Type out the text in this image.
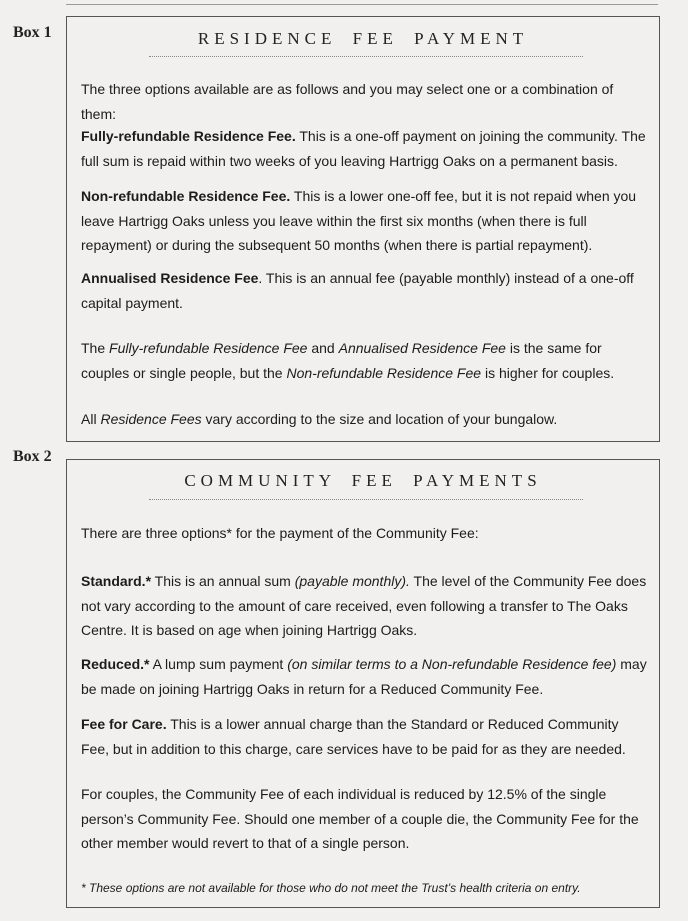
Box 1	RESIDENCE FEE PAYMENT

The three options available are as follows and you may select one or a combination of them:

Fully-refundable Residence Fee. This is a one-off payment on joining the community. The full sum is repaid within two weeks of you leaving Hartrigg Oaks on a permanent basis.

Non-refundable Residence Fee. This is a lower one-off fee, but it is not repaid when you leave Hartrigg Oaks unless you leave within the first six months (when there is full repayment) or during the subsequent 50 months (when there is partial repayment).

Annualised Residence Fee. This is an annual fee (payable monthly) instead of a one-off capital payment.

The Fully-refundable Residence Fee and Annualised Residence Fee is the same for couples or single people, but the Non-refundable Residence Fee is higher for couples.

All Residence Fees vary according to the size and location of your bungalow.

Box 2
COMMUNITY FEE PAYMENTS

There are three options* for the payment of the Community Fee:

Standard.* This is an annual sum (payable monthly). The level of the Community Fee does not vary according to the amount of care received, even following a transfer to The Oaks Centre. It is based on age when joining Hartrigg Oaks.

Reduced.* A lump sum payment (on similar terms to a Non-refundable Residence fee) may be made on joining Hartrigg Oaks in return for a Reduced Community Fee.

Fee for Care. This is a lower annual charge than the Standard or Reduced Community Fee, but in addition to this charge, care services have to be paid for as they are needed.

For couples, the Community Fee of each individual is reduced by 12.5% of the single person’s Community Fee. Should one member of a couple die, the Community Fee for the other member would revert to that of a single person.

* These options are not available for those who do not meet the Trust’s health criteria on entry.
